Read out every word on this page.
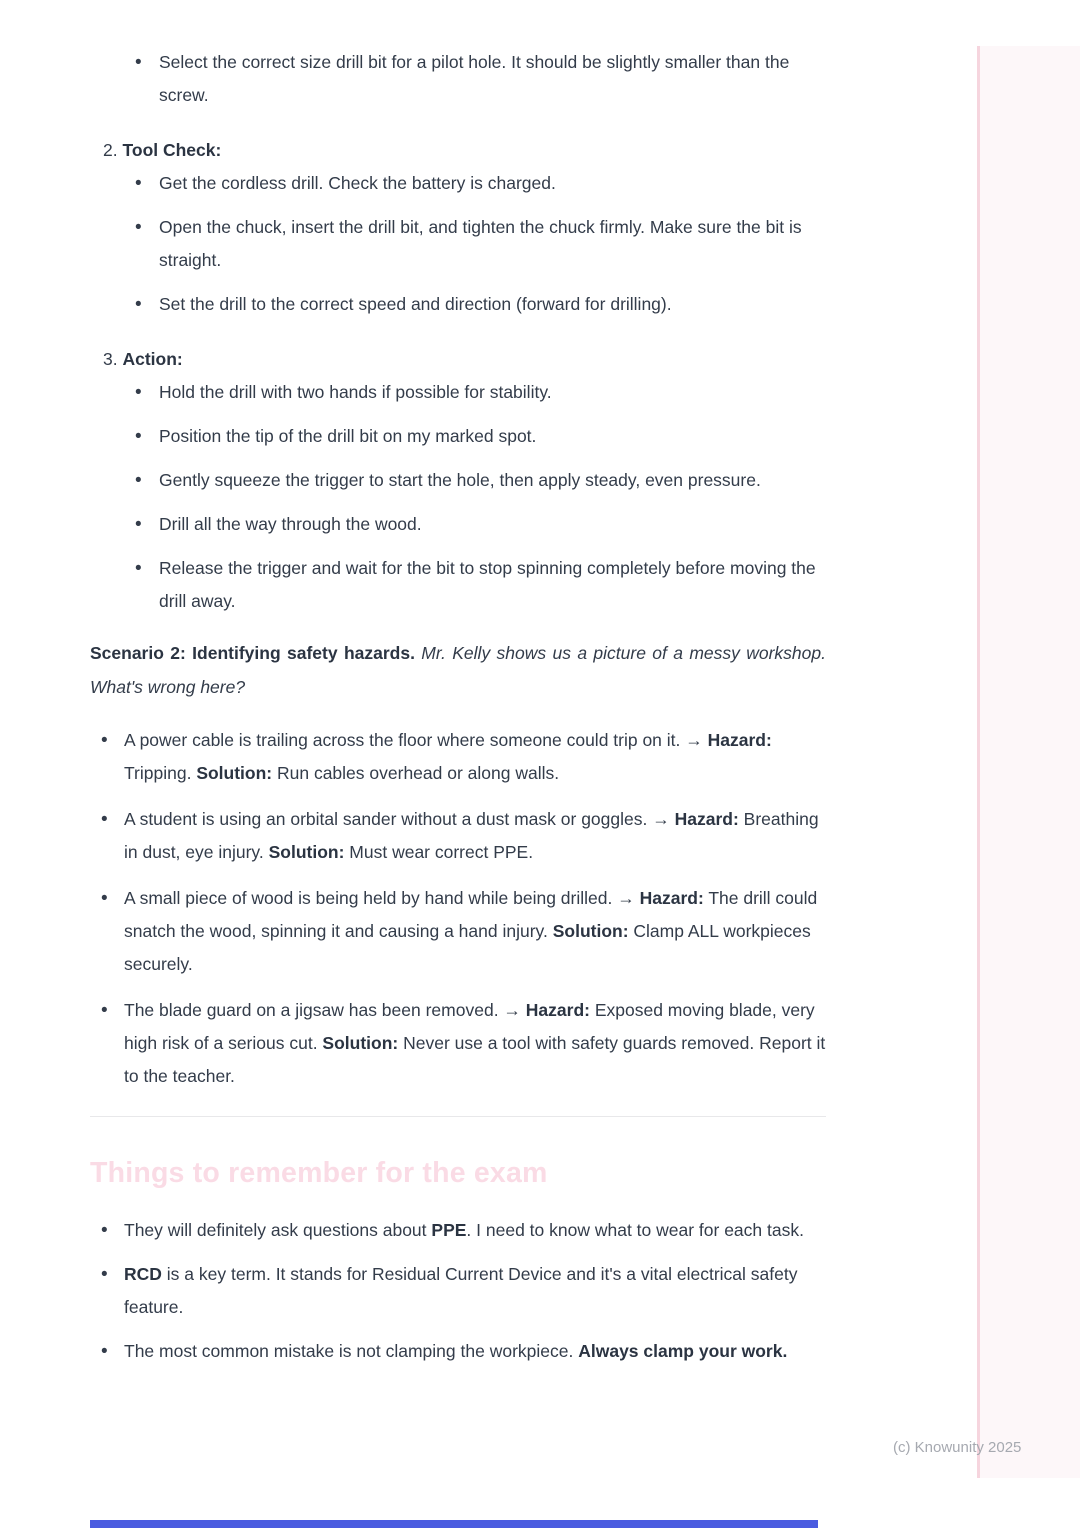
• Select the correct size drill bit for a pilot hole. It should be slightly smaller than the screw.
2. Tool Check:
• Get the cordless drill. Check the battery is charged.
• Open the chuck, insert the drill bit, and tighten the chuck firmly. Make sure the bit is straight.
• Set the drill to the correct speed and direction (forward for drilling).
3. Action:
• Hold the drill with two hands if possible for stability.
• Position the tip of the drill bit on my marked spot.
• Gently squeeze the trigger to start the hole, then apply steady, even pressure.
• Drill all the way through the wood.
• Release the trigger and wait for the bit to stop spinning completely before moving the drill away.

Scenario 2: Identifying safety hazards. Mr. Kelly shows us a picture of a messy workshop. What's wrong here?

• A power cable is trailing across the floor where someone could trip on it. → Hazard: Tripping. Solution: Run cables overhead or along walls.
• A student is using an orbital sander without a dust mask or goggles. → Hazard: Breathing in dust, eye injury. Solution: Must wear correct PPE.
• A small piece of wood is being held by hand while being drilled. → Hazard: The drill could snatch the wood, spinning it and causing a hand injury. Solution: Clamp ALL workpieces securely.
• The blade guard on a jigsaw has been removed. → Hazard: Exposed moving blade, very high risk of a serious cut. Solution: Never use a tool with safety guards removed. Report it to the teacher.
Things to remember for the exam
• They will definitely ask questions about PPE. I need to know what to wear for each task.
• RCD is a key term. It stands for Residual Current Device and it's a vital electrical safety feature.
• The most common mistake is not clamping the workpiece. Always clamp your work.
(c) Knowunity 2025
